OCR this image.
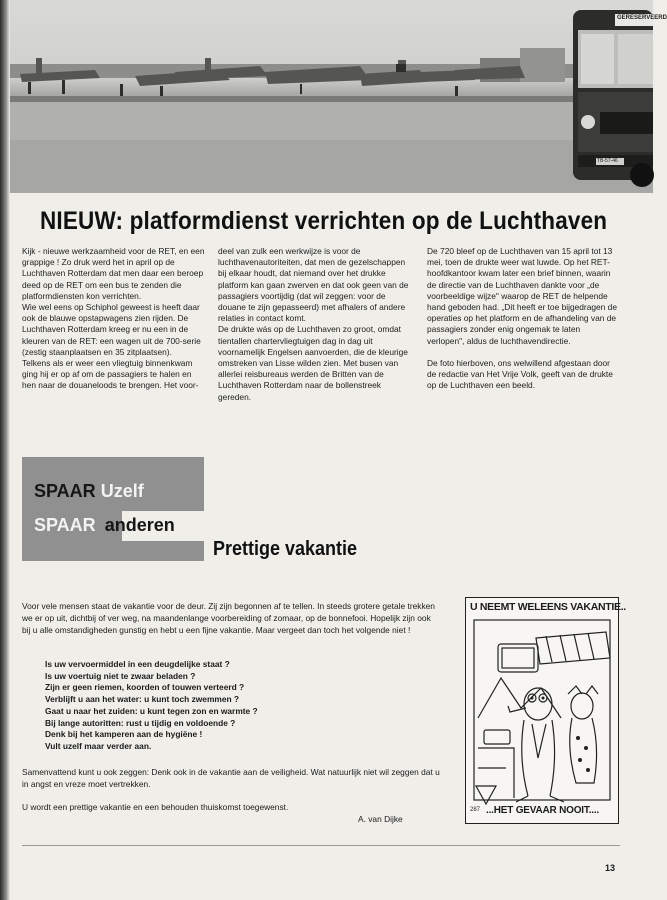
GERESERVEERD
TB-57-46
NIEUW: platformdienst verrichten op de Luchthaven

Kijk - nieuwe werkzaamheid voor de RET, en een grappige ! Zo druk werd het in april op de Luchthaven Rotterdam dat men daar een beroep deed op de RET om een bus te zenden die platformdiensten kon verrichten.

Wie wel eens op Schiphol geweest is heeft daar ook de blauwe opstapwagens zien rijden. De Luchthaven Rotterdam kreeg er nu een in de kleuren van de RET: een wagen uit de 700-serie (zestig staanplaatsen en 35 zitplaatsen).

Telkens als er weer een vliegtuig binnenkwam ging hij er op af om de passagiers te halen en hen naar de douaneloods te brengen. Het voor-

deel van zulk een werkwijze is voor de luchthavenautoriteiten, dat men de gezelschappen bij elkaar houdt, dat niemand over het drukke platform kan gaan zwerven en dat ook geen van de passagiers voortijdig (dat wil zeggen: voor de douane te zijn gepasseerd) met afhalers of andere relaties in contact komt.

De drukte wás op de Luchthaven zo groot, omdat tientallen chartervliegtuigen dag in dag uit voornamelijk Engelsen aanvoerden, die de kleurige omstreken van Lisse wilden zien. Met busen van allerlei reisbureaus werden de Britten van de Luchthaven Rotterdam naar de bollenstreek gereden.

De 720 bleef op de Luchthaven van 15 april tot 13 mei, toen de drukte weer wat luwde. Op het RET-hoofdkantoor kwam later een brief binnen, waarin de directie van de Luchthaven dankte voor „de voorbeeldige wijze" waarop de RET de helpende hand geboden had. „Dit heeft er toe bijgedragen de operaties op het platform en de afhandeling van de passagiers zonder enig ongemak te laten verlopen", aldus de luchthavendirectie.

De foto hierboven, ons welwillend afgestaan door de redactie van Het Vrije Volk, geeft van de drukte op de Luchthaven een beeld.

SPAAR Uzelf
SPAAR anderen
Prettige vakantie

Voor vele mensen staat de vakantie voor de deur. Zij zijn begonnen af te tellen. In steeds grotere getale trekken we er op uit, dichtbij of ver weg, na maandenlange voorbereiding of zomaar, op de bonnefooi. Hopelijk zijn ook bij u alle omstandigheden gunstig en hebt u een fijne vakantie. Maar vergeet dan toch het volgende niet !

Is uw vervoermiddel in een deugdelijke staat ?
Is uw voertuig niet te zwaar beladen ?
Zijn er geen riemen, koorden of touwen verteerd ?
Verblijft u aan het water: u kunt toch zwemmen ?
Gaat u naar het zuiden: u kunt tegen zon en warmte ?
Bij lange autoritten: rust u tijdig en voldoende ?
Denk bij het kamperen aan de hygiëne !
Vult uzelf maar verder aan.

Samenvattend kunt u ook zeggen: Denk ook in de vakantie aan de veiligheid. Wat natuurlijk niet wil zeggen dat u in angst en vreze moet vertrekken.

U wordt een prettige vakantie en een behouden thuiskomst toegewenst.
A. van Dijke
U NEEMT WELEENS VAKANTIE..
287 ...HET GEVAAR NOOIT....
13
